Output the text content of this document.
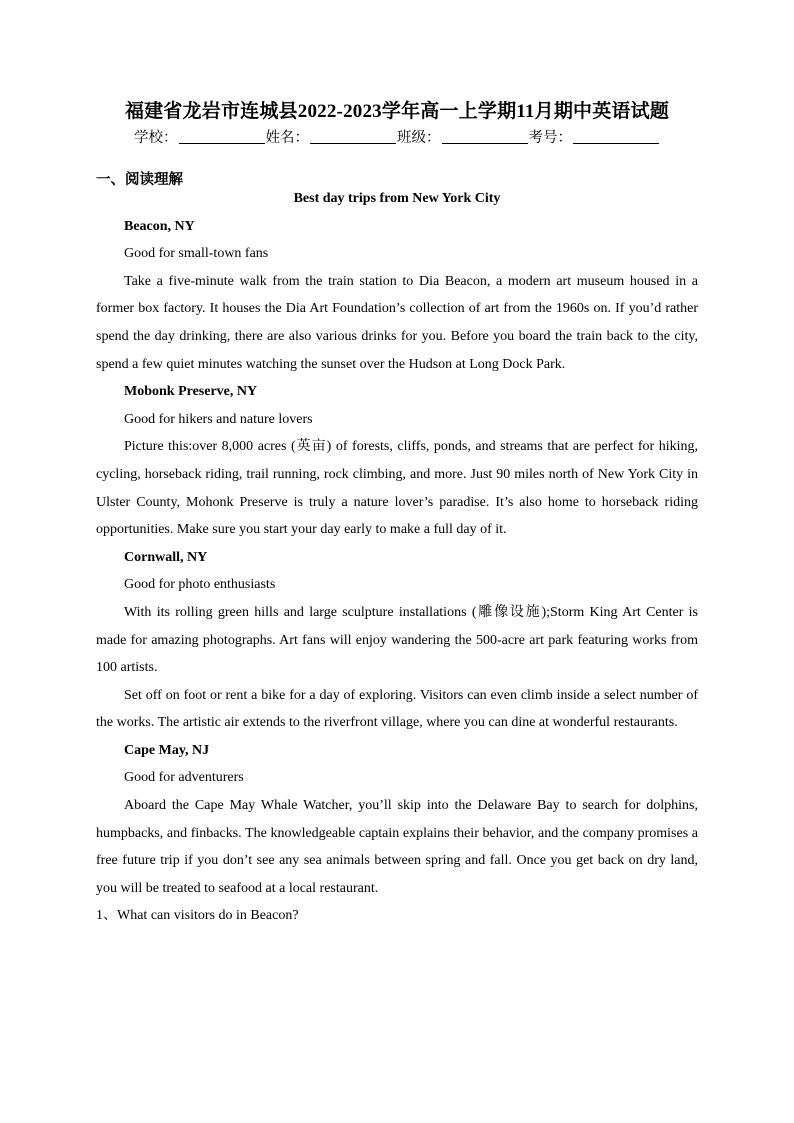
福建省龙岩市连城县2022-2023学年高一上学期11月期中英语试题
学校：	姓名：	班级：	考号：
一、阅读理解

Best day trips from New York City

Beacon, NY

Good for small-town fans

Take a five-minute walk from the train station to Dia Beacon, a modern art museum housed in a former box factory. It houses the Dia Art Foundation’s collection of art from the 1960s on. If you’d rather spend the day drinking, there are also various drinks for you. Before you board the train back to the city, spend a few quiet minutes watching the sunset over the Hudson at Long Dock Park.

Mobonk Preserve, NY

Good for hikers and nature lovers

Picture this:over 8,000 acres (英亩) of forests, cliffs, ponds, and streams that are perfect for hiking, cycling, horseback riding, trail running, rock climbing, and more. Just 90 miles north of New York City in Ulster County, Mohonk Preserve is truly a nature lover’s paradise. It’s also home to horseback riding opportunities. Make sure you start your day early to make a full day of it.

Cornwall, NY

Good for photo enthusiasts

With its rolling green hills and large sculpture installations (雕像设施);Storm King Art Center is made for amazing photographs. Art fans will enjoy wandering the 500-acre art park featuring works from 100 artists.

Set off on foot or rent a bike for a day of exploring. Visitors can even climb inside a select number of the works. The artistic air extends to the riverfront village, where you can dine at wonderful restaurants.

Cape May, NJ

Good for adventurers

Aboard the Cape May Whale Watcher, you’ll skip into the Delaware Bay to search for dolphins, humpbacks, and finbacks. The knowledgeable captain explains their behavior, and the company promises a free future trip if you don’t see any sea animals between spring and fall. Once you get back on dry land, you will be treated to seafood at a local restaurant.

1、What can visitors do in Beacon?
